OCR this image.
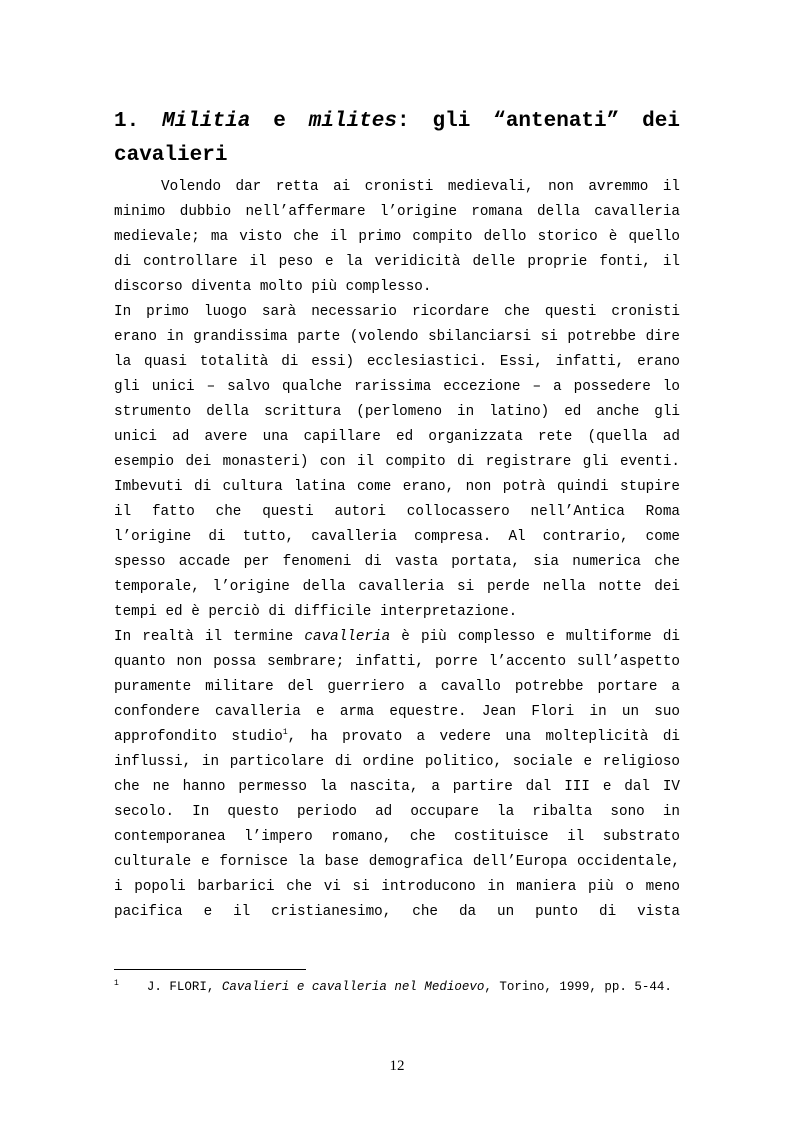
1. Militia e milites: gli “antenati” dei
cavalieri

Volendo dar retta ai cronisti medievali, non avremmo il minimo dubbio nell’affermare l’origine romana della cavalleria medievale; ma visto che il primo compito dello storico è quello di controllare il peso e la veridicità delle proprie fonti, il discorso diventa molto più complesso.

In primo luogo sarà necessario ricordare che questi cronisti erano in grandissima parte (volendo sbilanciarsi si potrebbe dire la quasi totalità di essi) ecclesiastici. Essi, infatti, erano gli unici – salvo qualche rarissima eccezione – a possedere lo strumento della scrittura (perlomeno in latino) ed anche gli unici ad avere una capillare ed organizzata rete (quella ad esempio dei monasteri) con il compito di registrare gli eventi. Imbevuti di cultura latina come erano, non potrà quindi stupire il fatto che questi autori collocassero nell’Antica Roma l’origine di tutto, cavalleria compresa. Al contrario, come spesso accade per fenomeni di vasta portata, sia numerica che temporale, l’origine della cavalleria si perde nella notte dei tempi ed è perciò di difficile interpretazione.

In realtà il termine cavalleria è più complesso e multiforme di quanto non possa sembrare; infatti, porre l’accento sull’aspetto puramente militare del guerriero a cavallo potrebbe portare a confondere cavalleria e arma equestre. Jean Flori in un suo approfondito studio$^1$, ha provato a vedere una molteplicità di influssi, in particolare di ordine politico, sociale e religioso che ne hanno permesso la nascita, a partire dal III e dal IV secolo. In questo periodo ad occupare la ribalta sono in contemporanea l’impero romano, che costituisce il substrato culturale e fornisce la base demografica dell’Europa occidentale, i popoli barbarici che vi si introducono in maniera più o meno pacifica e il cristianesimo, che da un punto di vista

$^1$ J. FLORI, Cavalieri e cavalleria nel Medioevo, Torino, 1999, pp. 5-44.
12
